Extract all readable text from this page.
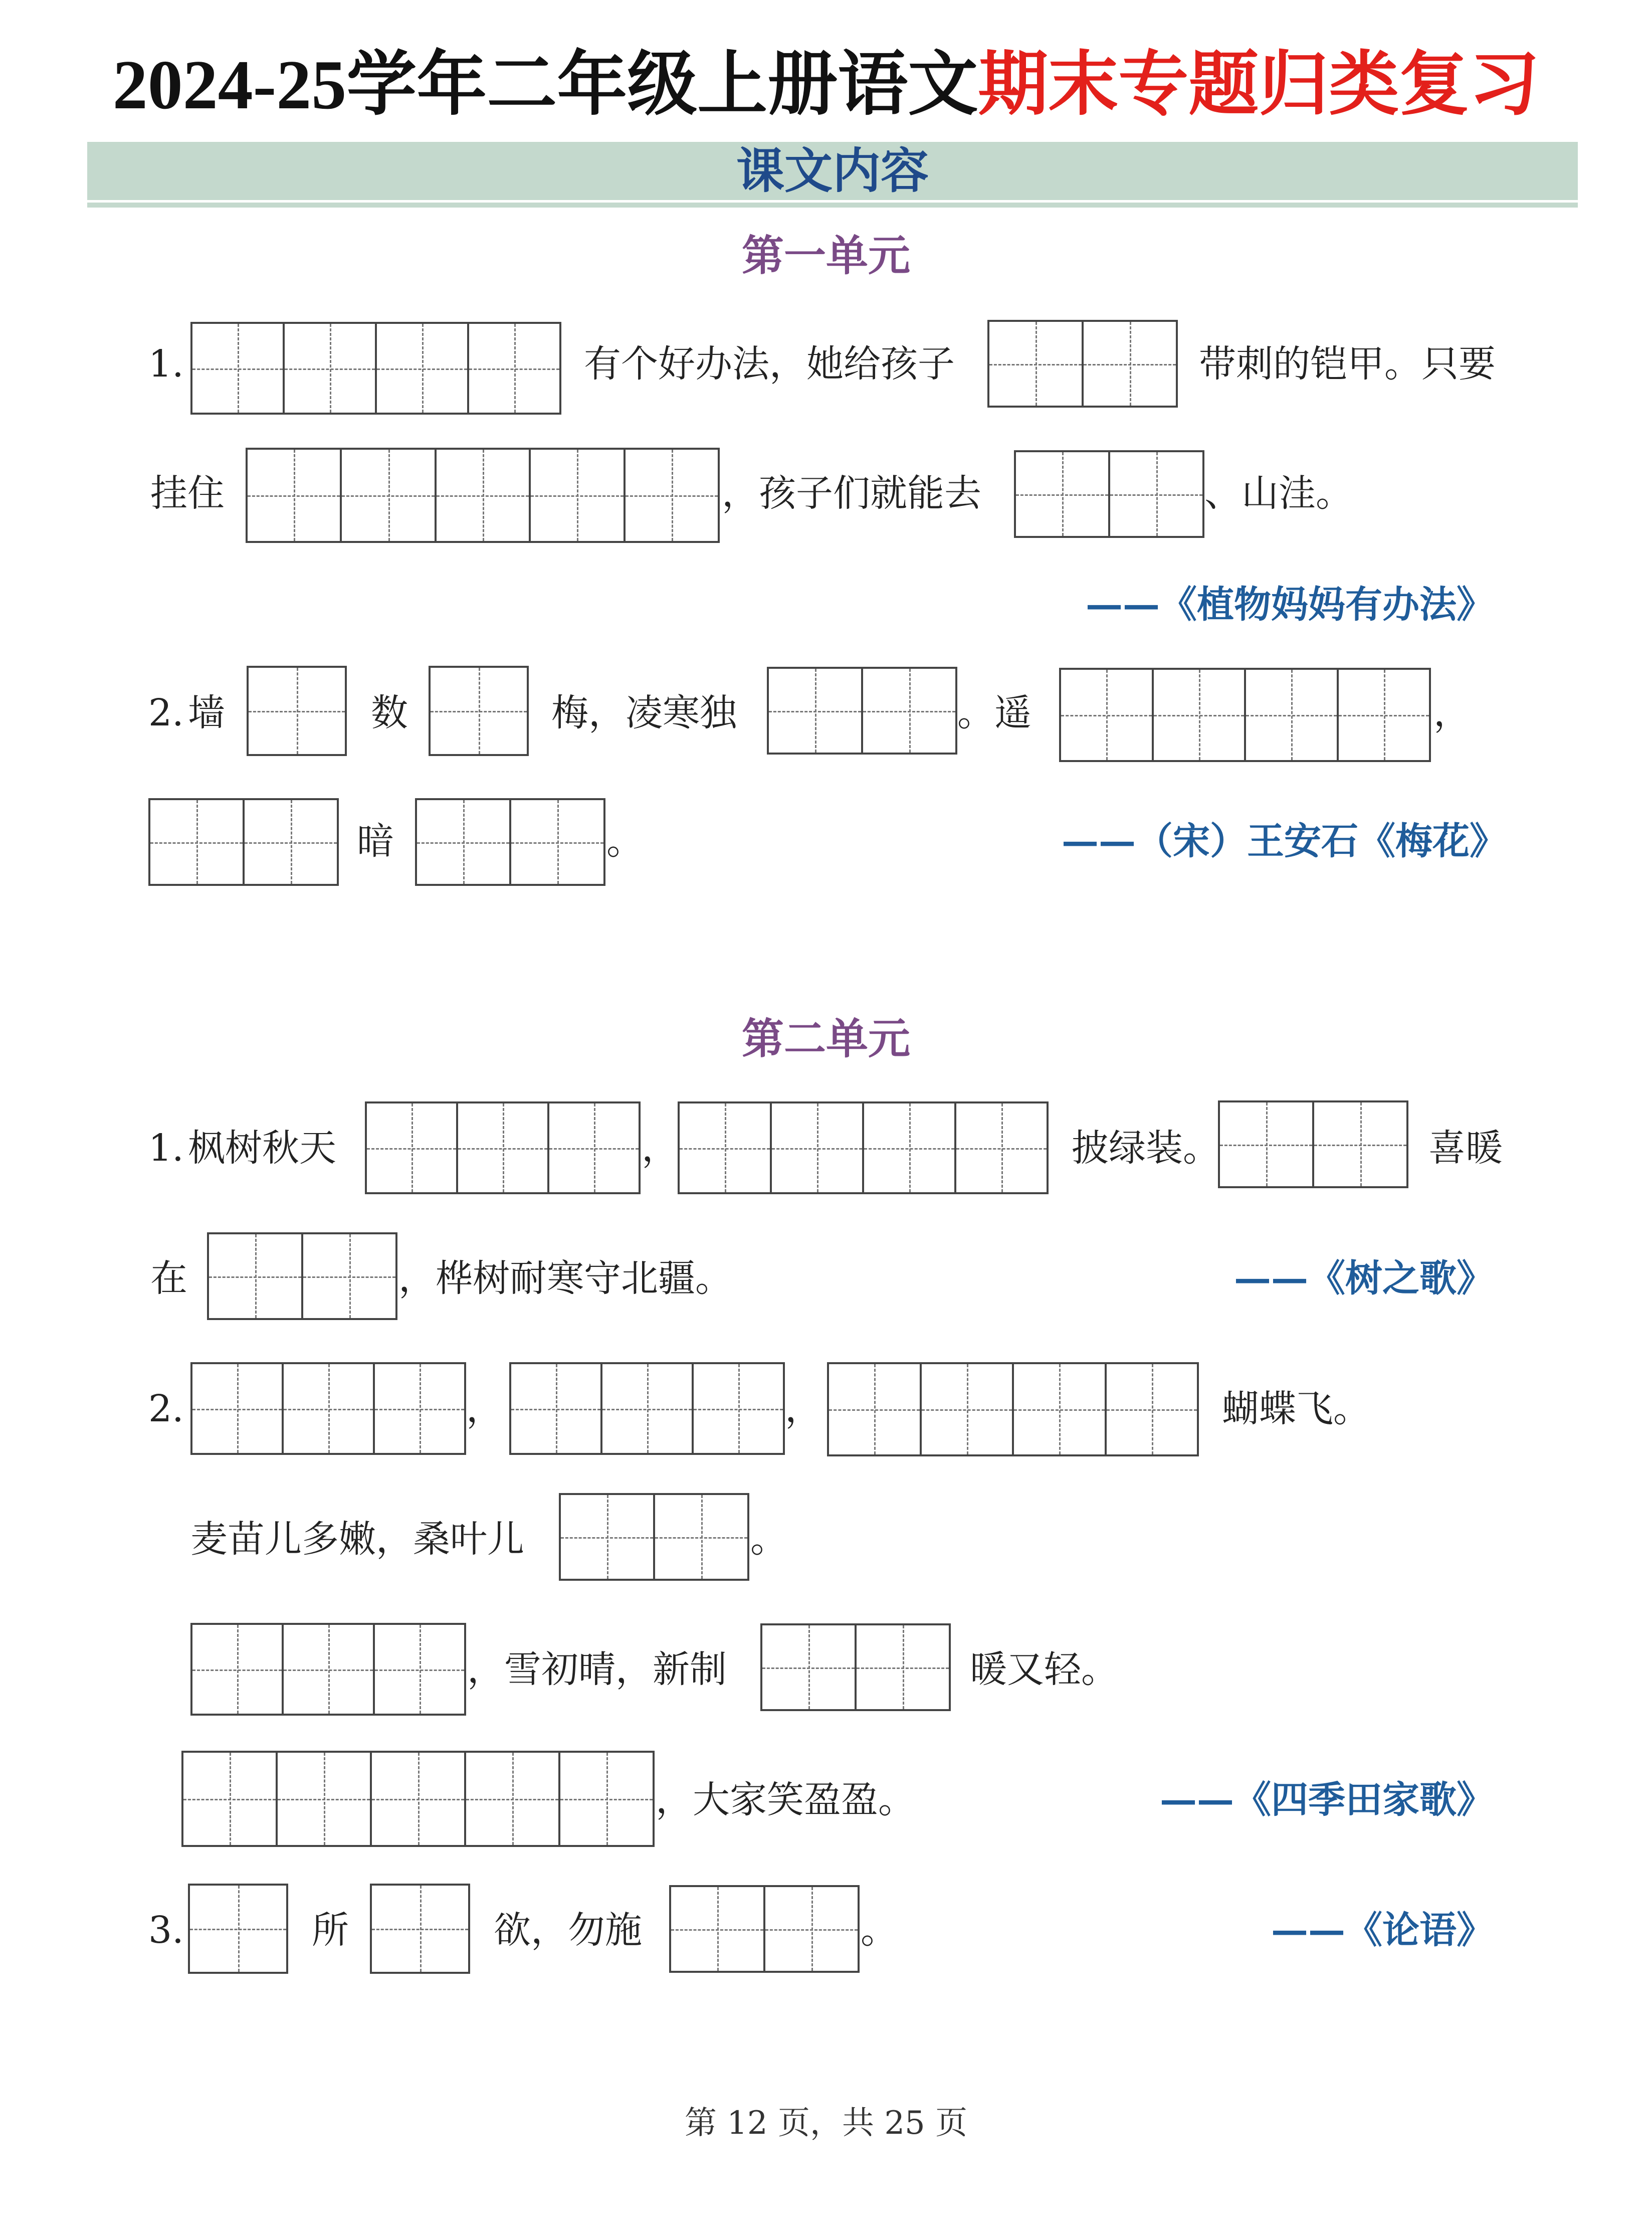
2024-25学年二年级上册语文期末专题归类复习
课文内容
第一单元
1.	有个好办法，她给孩子	带刺的铠甲。只要
挂住	，孩子们就能去	、山洼。
——《植物妈妈有办法》
2. 墙	数	梅，凌寒独	。遥	，
暗	。	——（宋）王安石《梅花》
第二单元
1. 枫树秋天	，	披绿装。	喜暖
在	，桦树耐寒守北疆。	——《树之歌》
2.	，	，	蝴蝶飞。
麦苗儿多嫩，桑叶儿	。
，雪初晴，新制	暖又轻。
，大家笑盈盈。	——《四季田家歌》
3.	所	欲，勿施	。	——《论语》
第 12 页，共 25 页
